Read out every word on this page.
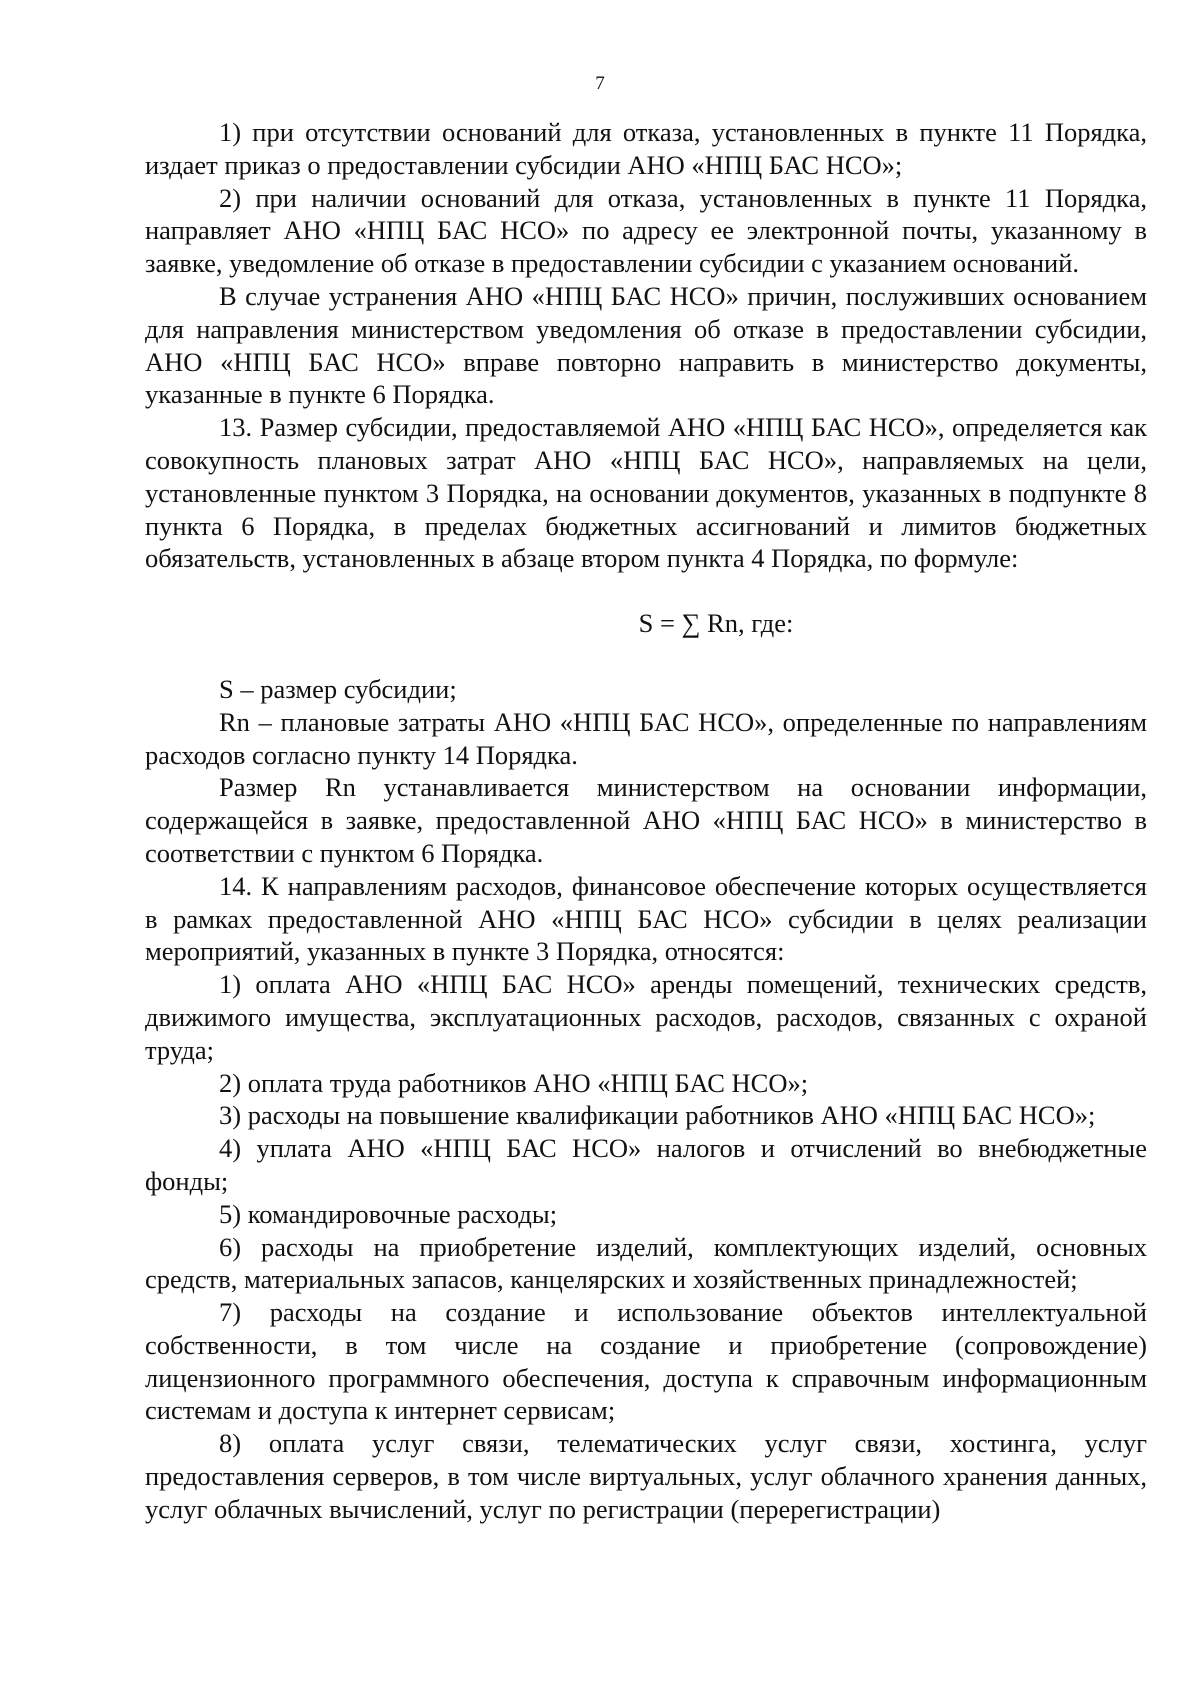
7

1) при отсутствии оснований для отказа, установленных в пункте 11 Порядка, издает приказ о предоставлении субсидии АНО «НПЦ БАС НСО»;

2) при наличии оснований для отказа, установленных в пункте 11 Порядка, направляет АНО «НПЦ БАС НСО» по адресу ее электронной почты, указанному в заявке, уведомление об отказе в предоставлении субсидии с указанием оснований.

В случае устранения АНО «НПЦ БАС НСО» причин, послуживших основанием для направления министерством уведомления об отказе в предоставлении субсидии, АНО «НПЦ БАС НСО» вправе повторно направить в министерство документы, указанные в пункте 6 Порядка.

13. Размер субсидии, предоставляемой АНО «НПЦ БАС НСО», определяется как совокупность плановых затрат АНО «НПЦ БАС НСО», направляемых на цели, установленные пунктом 3 Порядка, на основании документов, указанных в подпункте 8 пункта 6 Порядка, в пределах бюджетных ассигнований и лимитов бюджетных обязательств, установленных в абзаце втором пункта 4 Порядка, по формуле:

S = ∑ Rn, где:

S – размер субсидии;

Rn – плановые затраты АНО «НПЦ БАС НСО», определенные по направлениям расходов согласно пункту 14 Порядка.

Размер Rn устанавливается министерством на основании информации, содержащейся в заявке, предоставленной АНО «НПЦ БАС НСО» в министерство в соответствии с пунктом 6 Порядка.

14. К направлениям расходов, финансовое обеспечение которых осуществляется в рамках предоставленной АНО «НПЦ БАС НСО» субсидии в целях реализации мероприятий, указанных в пункте 3 Порядка, относятся:

1) оплата АНО «НПЦ БАС НСО» аренды помещений, технических средств, движимого имущества, эксплуатационных расходов, расходов, связанных с охраной труда;

2) оплата труда работников АНО «НПЦ БАС НСО»;

3) расходы на повышение квалификации работников АНО «НПЦ БАС НСО»;

4) уплата АНО «НПЦ БАС НСО» налогов и отчислений во внебюджетные фонды;

5) командировочные расходы;

6) расходы на приобретение изделий, комплектующих изделий, основных средств, материальных запасов, канцелярских и хозяйственных принадлежностей;

7) расходы на создание и использование объектов интеллектуальной собственности, в том числе на создание и приобретение (сопровождение) лицензионного программного обеспечения, доступа к справочным информационным системам и доступа к интернет сервисам;

8) оплата услуг связи, телематических услуг связи, хостинга, услуг предоставления серверов, в том числе виртуальных, услуг облачного хранения данных, услуг облачных вычислений, услуг по регистрации (перерегистрации)
